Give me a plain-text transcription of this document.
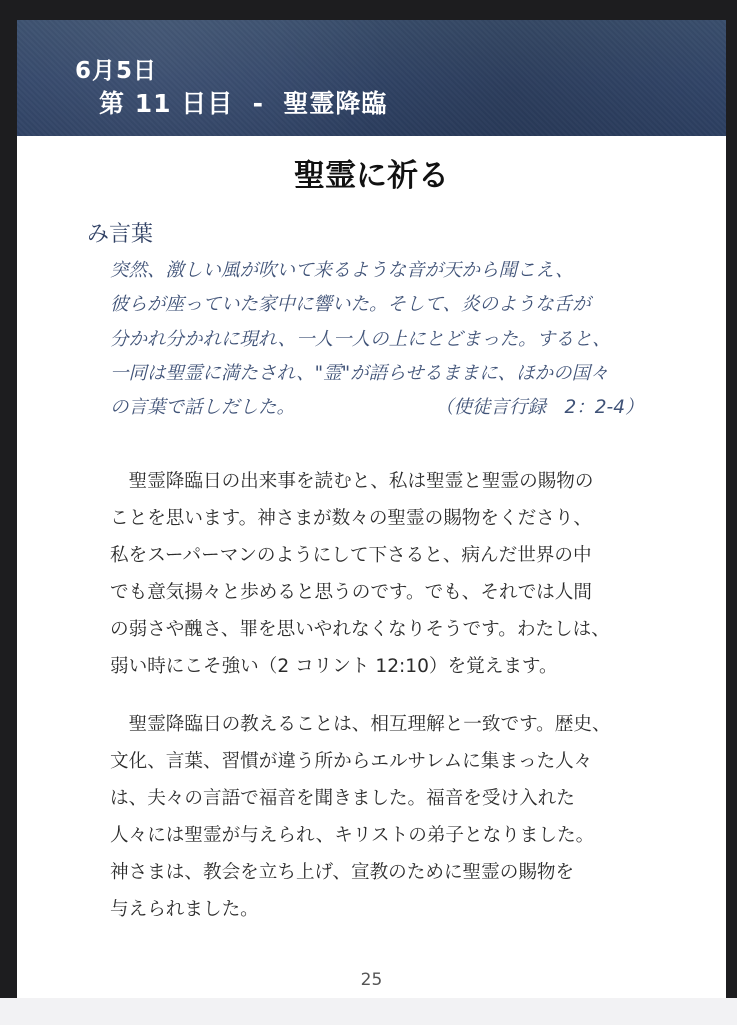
6月5日
第 11 日目  -  聖霊降臨
聖霊に祈る
み言葉
突然、激しい風が吹いて来るような音が天から聞こえ、
彼らが座っていた家中に響いた。そして、炎のような舌が
分かれ分かれに現れ、一人一人の上にとどまった。すると、
一同は聖霊に満たされ、"霊"が語らせるままに、ほかの国々
の言葉で話しだした。	（使徒言行録　2：2-4）
　聖霊降臨日の出来事を読むと、私は聖霊と聖霊の賜物の
ことを思います。神さまが数々の聖霊の賜物をくださり、
私をスーパーマンのようにして下さると、病んだ世界の中
でも意気揚々と歩めると思うのです。でも、それでは人間
の弱さや醜さ、罪を思いやれなくなりそうです。わたしは、
弱い時にこそ強い（2 コリント 12:10）を覚えます。
　聖霊降臨日の教えることは、相互理解と一致です。歴史、
文化、言葉、習慣が違う所からエルサレムに集まった人々
は、夫々の言語で福音を聞きました。福音を受け入れた
人々には聖霊が与えられ、キリストの弟子となりました。
神さまは、教会を立ち上げ、宣教のために聖霊の賜物を
与えられました。
25
